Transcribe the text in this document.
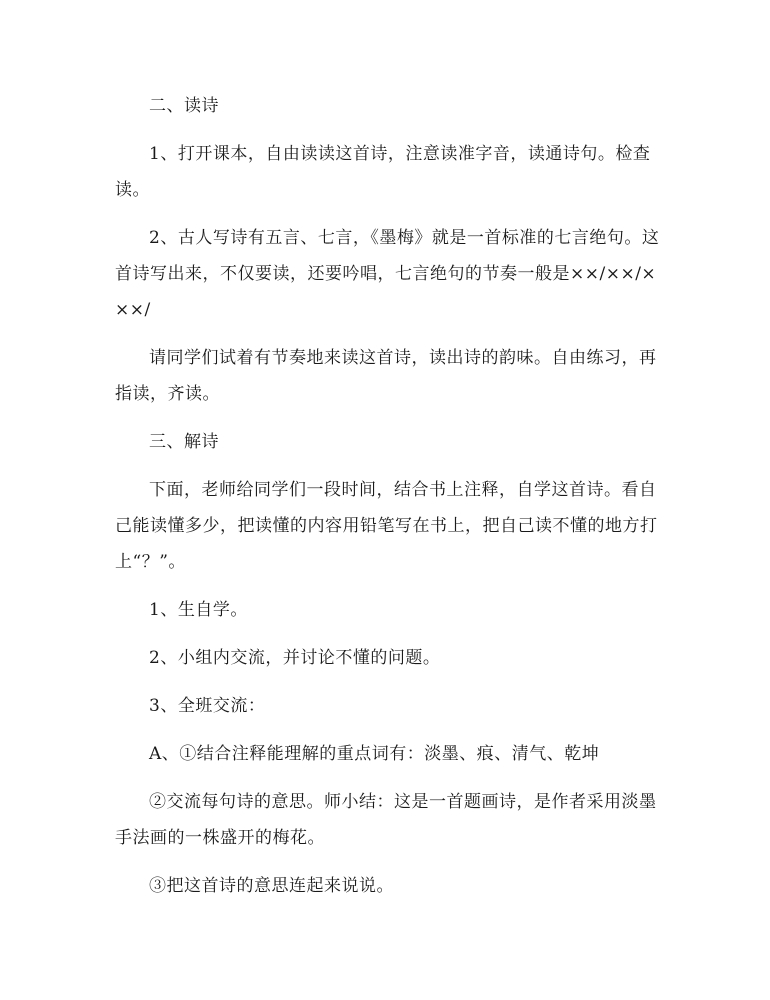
二、读诗

1、打开课本，自由读读这首诗，注意读准字音，读通诗句。检查读。

2、古人写诗有五言、七言，《墨梅》就是一首标准的七言绝句。这首诗写出来，不仅要读，还要吟唱，七言绝句的节奏一般是××/××/×××/

请同学们试着有节奏地来读这首诗，读出诗的韵味。自由练习，再指读，齐读。

三、解诗

下面，老师给同学们一段时间，结合书上注释，自学这首诗。看自己能读懂多少，把读懂的内容用铅笔写在书上，把自己读不懂的地方打上“？”。

1、生自学。

2、小组内交流，并讨论不懂的问题。

3、全班交流：

A、①结合注释能理解的重点词有：淡墨、痕、清气、乾坤

②交流每句诗的意思。师小结：这是一首题画诗，是作者采用淡墨手法画的一株盛开的梅花。

③把这首诗的意思连起来说说。
